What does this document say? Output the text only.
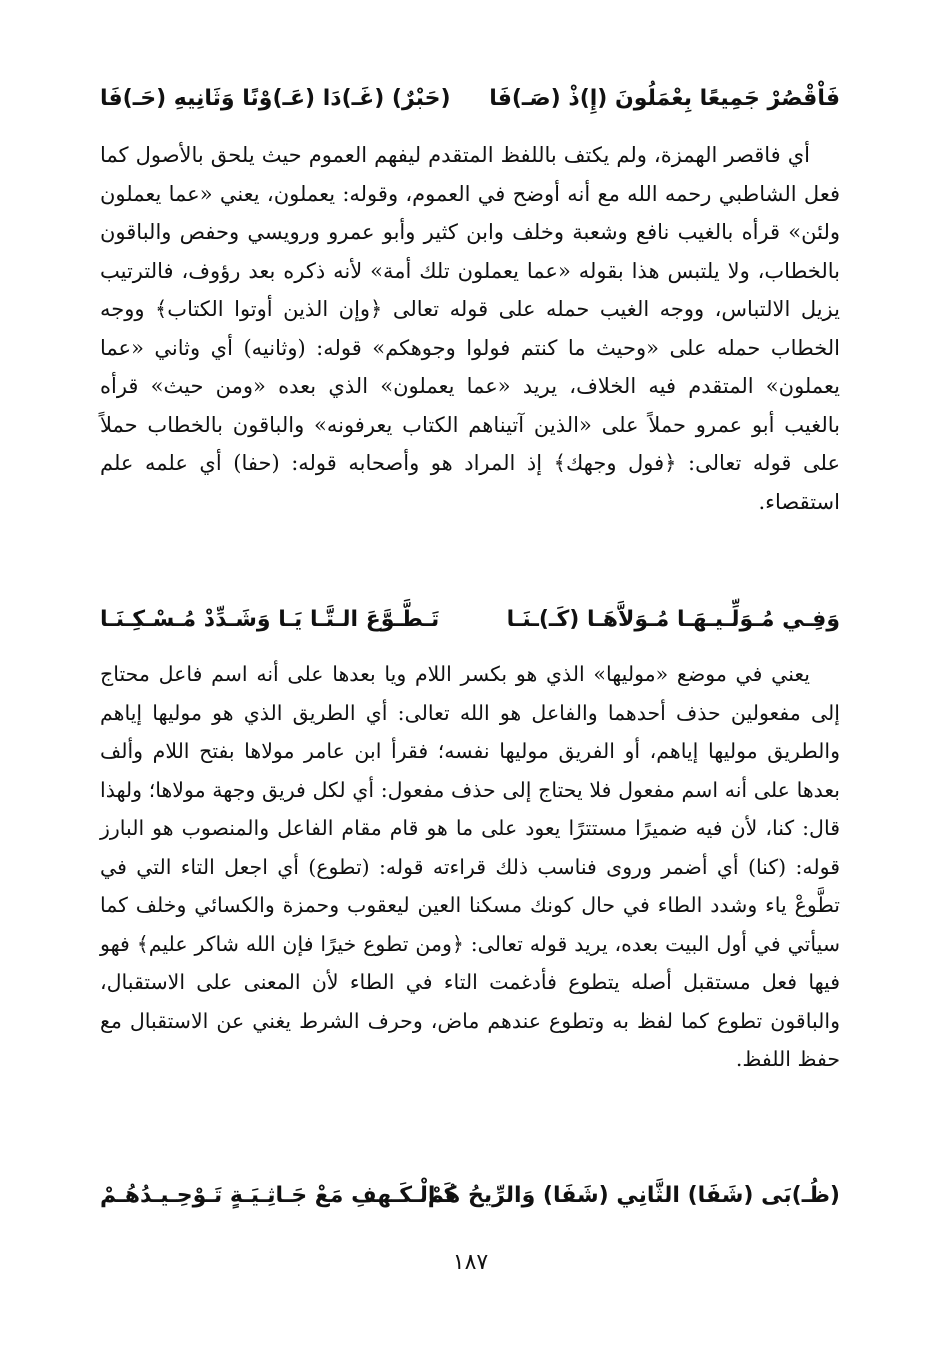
فَاْقْصُرْ جَمِيعًا بِعْمَلُونَ (إِ)ذْ (صَـ)فَا
(حَبْرٌ) (غَـ)دَا (عَـ)وْنًا وَثَانِيهِ (حَـ)فَا

أي فاقصر الهمزة، ولم يكتف باللفظ المتقدم ليفهم العموم حيث يلحق بالأصول كما فعل الشاطبي رحمه الله مع أنه أوضح في العموم، وقوله: يعملون، يعني «عما يعملون ولئن» قرأه بالغيب نافع وشعبة وخلف وابن كثير وأبو عمرو ورويسي وحفص والباقون بالخطاب، ولا يلتبس هذا بقوله «عما يعملون تلك أمة» لأنه ذكره بعد رؤوف، فالترتيب يزيل الالتباس، ووجه الغيب حمله على قوله تعالى ﴿وإن الذين أوتوا الكتاب﴾ ووجه الخطاب حمله على «وحيث ما كنتم فولوا وجوهكم» قوله: (وثانيه) أي وثاني «عما يعملون» المتقدم فيه الخلاف، يريد «عما يعملون» الذي بعده «ومن حيث» قرأه بالغيب أبو عمرو حملاً على «الذين آتيناهم الكتاب يعرفونه» والباقون بالخطاب حملاً على قوله تعالى: ﴿فول وجهك﴾ إذ المراد هو وأصحابه قوله: (حفا) أي علمه علم استقصاء.

وَفِـي مُـوَلِّـيـهَـا مُـوَلاَّهَـا (كَـ)ـنَـا
تَـطَّـوَّعَ الـتَّـا يَـا وَشَـدِّدْ مُـسْـكِـنَـا

يعني في موضع «موليها» الذي هو بكسر اللام ويا بعدها على أنه اسم فاعل محتاج إلى مفعولين حذف أحدهما والفاعل هو الله تعالى: أي الطريق الذي هو موليها إياهم والطريق موليها إياهم، أو الفريق موليها نفسه؛ فقرأ ابن عامر مولاها بفتح اللام وألف بعدها على أنه اسم مفعول فلا يحتاج إلى حذف مفعول: أي لكل فريق وجهة مولاها؛ ولهذا قال: كنا، لأن فيه ضميرًا مستترًا يعود على ما هو قام مقام الفاعل والمنصوب هو البارز قوله: (كنا) أي أضمر وروى فناسب ذلك قراءته قوله: (تطوع) أي اجعل التاء التي في تطَّوعْ ياء وشدد الطاء في حال كونك مسكنا العين ليعقوب وحمزة والكسائي وخلف كما سيأتي في أول البيت بعده، يريد قوله تعالى: ﴿ومن تطوع خيرًا فإن الله شاكر عليم﴾ فهو فيها فعل مستقبل أصله يتطوع فأدغمت التاء في الطاء لأن المعنى على الاستقبال، والباقون تطوع كما لفظ به وتطوع عندهم ماض، وحرف الشرط يغني عن الاستقبال مع حفظ اللفظ.

(ظُـ)بَى (شَفَا) الثَّانِي (شَفَا) وَالرِّيحُ هُمْ
كَـالْـكَـهفِ مَعْ جَـاثِـيَـةٍ تَـوْحِـيـدُهُـمْ
١٨٧
